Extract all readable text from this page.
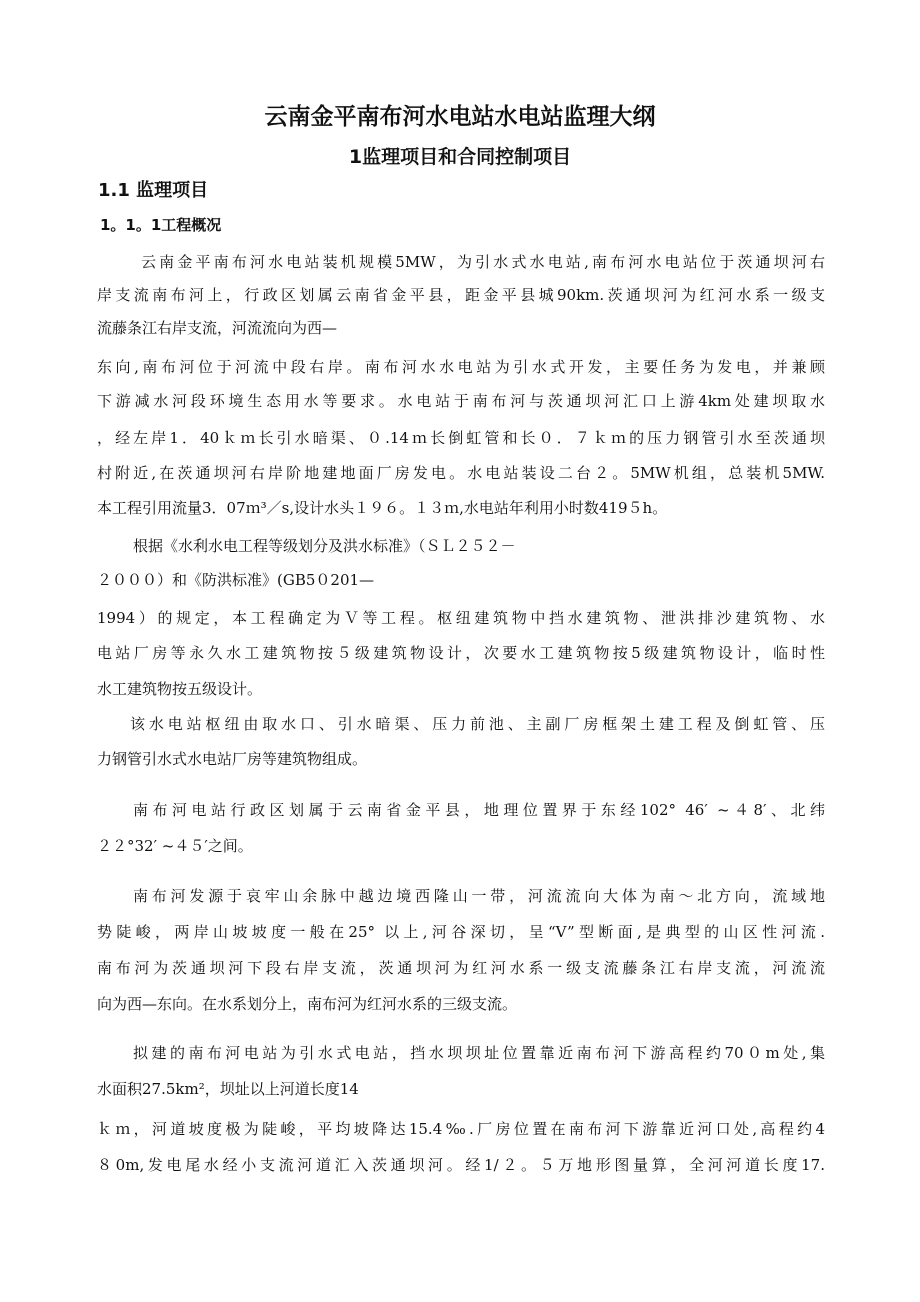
云南金平南布河水电站水电站监理大纲
1监理项目和合同控制项目
1.1 监理项目
1。1。1工程概况

云南金平南布河水电站装机规模5MW，为引水式水电站,南布河水电站位于茨通坝河右

岸支流南布河上，行政区划属云南省金平县，距金平县城90km.茨通坝河为红河水系一级支

流藤条江右岸支流，河流流向为西—

东向,南布河位于河流中段右岸。南布河水水电站为引水式开发，主要任务为发电，并兼顾

下游减水河段环境生态用水等要求。水电站于南布河与茨通坝河汇口上游4km处建坝取水

，经左岸1．40ｋｍ长引水暗渠、０.14ｍ长倒虹管和长０．７ｋｍ的压力钢管引水至茨通坝

村附近,在茨通坝河右岸阶地建地面厂房发电。水电站装设二台２。5MW机组，总装机5MW.

本工程引用流量3．07ｍ³／s,设计水头１９６。１３ｍ,水电站年利用小时数419５h。

根据《水利水电工程等级划分及洪水标准》（ＳＬ２５２－

２０００）和《防洪标准》(GB5０201—

1994）的规定，本工程确定为Ｖ等工程。枢纽建筑物中挡水建筑物、泄洪排沙建筑物、水

电站厂房等永久水工建筑物按５级建筑物设计，次要水工建筑物按5级建筑物设计，临时性

水工建筑物按五级设计。

该水电站枢纽由取水口、引水暗渠、压力前池、主副厂房框架土建工程及倒虹管、压

力钢管引水式水电站厂房等建筑物组成。

南布河电站行政区划属于云南省金平县，地理位置界于东经102° 46′ ~４8′、北纬

２２°32′ ~４５′之间。

南布河发源于哀牢山余脉中越边境西隆山一带，河流流向大体为南～北方向，流域地

势陡峻，两岸山坡坡度一般在25° 以上,河谷深切，呈“V”型断面,是典型的山区性河流.

南布河为茨通坝河下段右岸支流，茨通坝河为红河水系一级支流藤条江右岸支流，河流流

向为西—东向。在水系划分上，南布河为红河水系的三级支流。

拟建的南布河电站为引水式电站，挡水坝坝址位置靠近南布河下游高程约70０m处,集

水面积27.5km²，坝址以上河道长度14

ｋｍ，河道坡度极为陡峻，平均坡降达15.4‰.厂房位置在南布河下游靠近河口处,高程约4

８0m,发电尾水经小支流河道汇入茨通坝河。经1/２。５万地形图量算，全河河道长度17.
